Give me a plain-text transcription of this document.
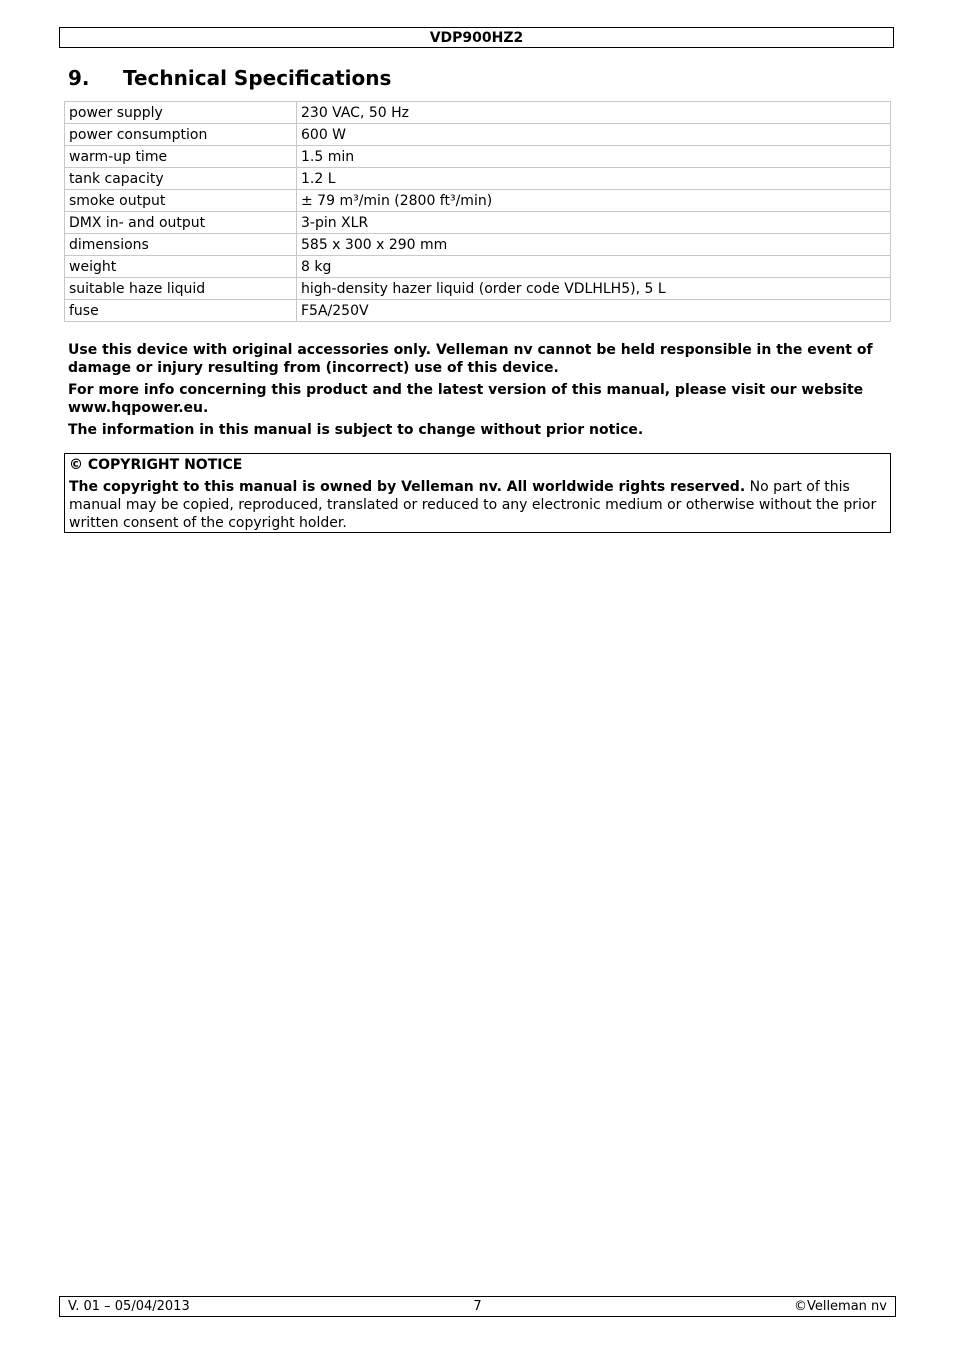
VDP900HZ2
9.	Technical Specifications
power supply	230 VAC, 50 Hz
power consumption	600 W
warm-up time	1.5 min
tank capacity	1.2 L
smoke output	± 79 m³/min (2800 ft³/min)
DMX in- and output	3-pin XLR
dimensions	585 x 300 x 290 mm
weight	8 kg
suitable haze liquid	high-density hazer liquid (order code VDLHLH5), 5 L
fuse	F5A/250V

Use this device with original accessories only. Velleman nv cannot be held responsible in the event of damage or injury resulting from (incorrect) use of this device.

For more info concerning this product and the latest version of this manual, please visit our website www.hqpower.eu.

The information in this manual is subject to change without prior notice.

© COPYRIGHT NOTICE
The copyright to this manual is owned by Velleman nv. All worldwide rights reserved. No part of this manual may be copied, reproduced, translated or reduced to any electronic medium or otherwise without the prior written consent of the copyright holder.
V. 01 – 05/04/2013	7	©Velleman nv
